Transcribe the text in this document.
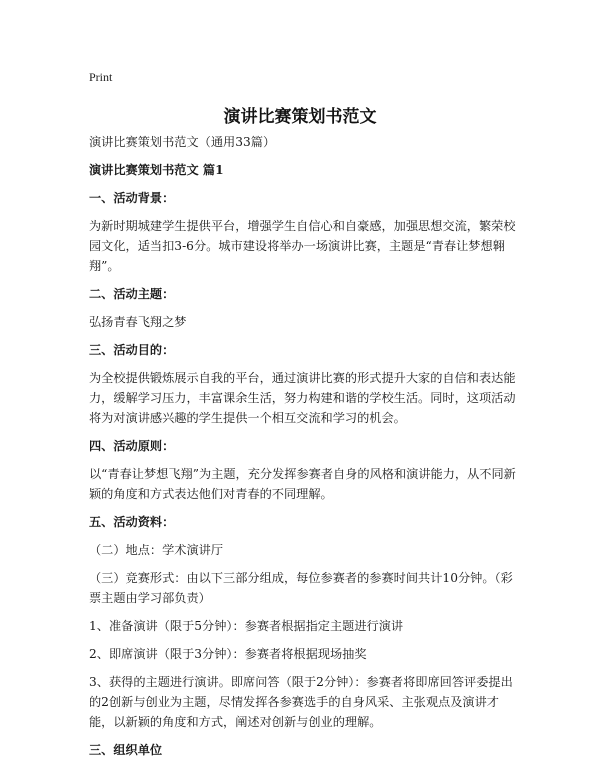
Print
演讲比赛策划书范文

演讲比赛策划书范文（通用33篇）

演讲比赛策划书范文 篇1

一、活动背景：

为新时期城建学生提供平台，增强学生自信心和自豪感，加强思想交流，繁荣校园文化，适当扣3-6分。城市建设将举办一场演讲比赛，主题是“青春让梦想翱翔”。

二、活动主题：

弘扬青春飞翔之梦

三、活动目的：

为全校提供锻炼展示自我的平台，通过演讲比赛的形式提升大家的自信和表达能力，缓解学习压力，丰富课余生活，努力构建和谐的学校生活。同时，这项活动将为对演讲感兴趣的学生提供一个相互交流和学习的机会。

四、活动原则：

以“青春让梦想飞翔”为主题，充分发挥参赛者自身的风格和演讲能力，从不同新颖的角度和方式表达他们对青春的不同理解。

五、活动资料：

（二）地点：学术演讲厅

（三）竞赛形式：由以下三部分组成，每位参赛者的参赛时间共计10分钟。（彩票主题由学习部负责）

1、准备演讲（限于5分钟）：参赛者根据指定主题进行演讲

2、即席演讲（限于3分钟）：参赛者将根据现场抽奖

3、获得的主题进行演讲。即席问答（限于2分钟）：参赛者将即席回答评委提出的2创新与创业为主题，尽情发挥各参赛选手的自身风采、主张观点及演讲才能，以新颖的角度和方式，阐述对创新与创业的理解。

三、组织单位
